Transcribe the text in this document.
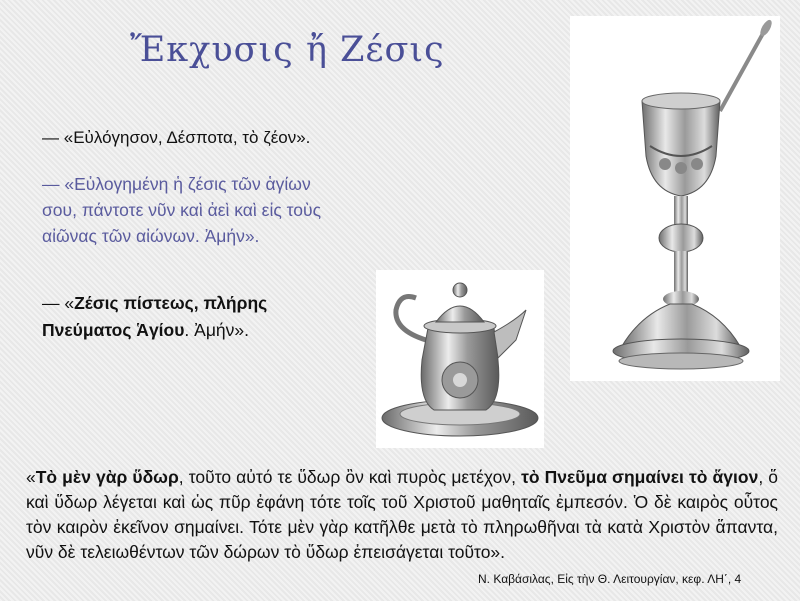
Ἔκχυσις ἤ Ζέσις
— «Εὐλόγησον, Δέσποτα, τὸ ζέον».
— «Εὐλογημένη ἡ ζέσις τῶν ἁγίων σου, πάντοτε νῦν καὶ ἀεὶ καὶ εἰς τοὺς αἰῶνας τῶν αἰώνων. Ἀμήν».
— «Ζέσις πίστεως, πλήρης Πνεύματος Ἁγίου. Ἀμήν».

«Τὸ μὲν γὰρ ὕδωρ, τοῦτο αὐτό τε ὕδωρ ὂν καὶ πυρὸς μετέχον, τὸ Πνεῦμα σημαίνει τὸ ἅγιον, ὅ καὶ ὕδωρ λέγεται καὶ ὡς πῦρ ἐφάνη τότε τοῖς τοῦ Χριστοῦ μαθηταῖς ἐμπεσόν. Ὁ δὲ καιρὸς οὗτος τὸν καιρὸν ἐκεῖνον σημαίνει. Τότε μὲν γὰρ κατῆλθε μετὰ τὸ πληρωθῆναι τὰ κατὰ Χριστὸν ἅπαντα, νῦν δὲ τελειωθέντων τῶν δώρων τὸ ὕδωρ ἐπεισάγεται τοῦτο».

Ν. Καβάσιλας, Εἰς τὴν Θ. Λειτουργίαν, κεφ. ΛΗ΄, 4
